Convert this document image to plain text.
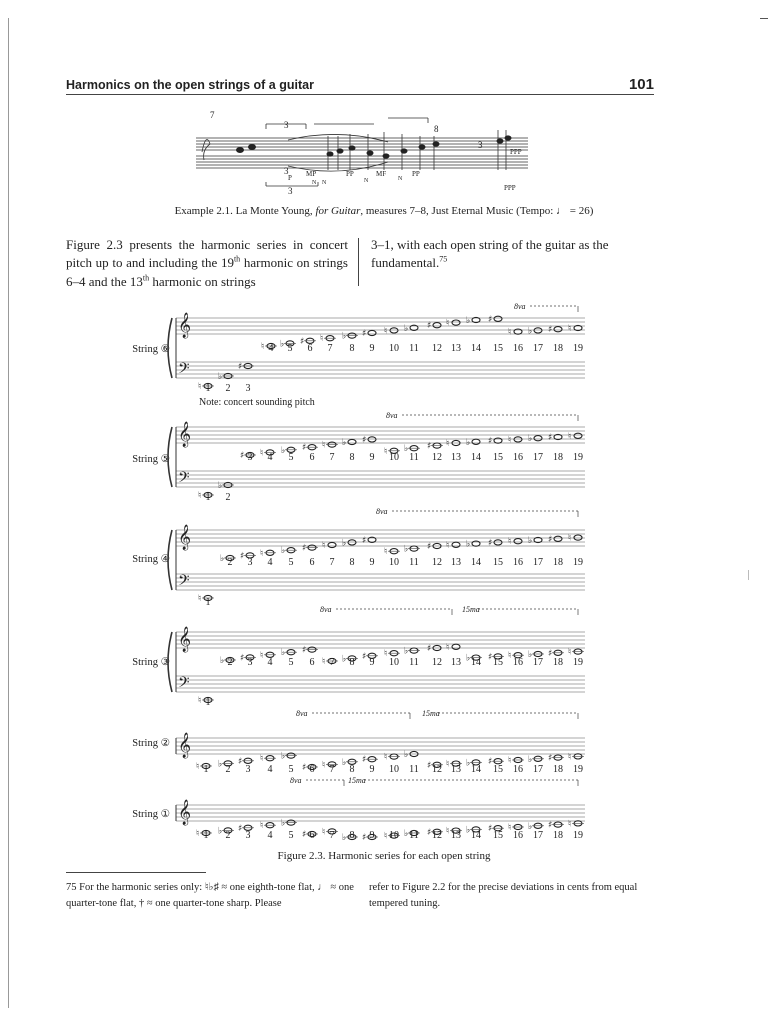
Harmonics on the open strings of a guitar	101
7
3
3
3
3
8
P MP	PP	MF	PP
PPP
PPP
N N	N	N
Example 2.1. La Monte Young, for Guitar, measures 7–8, Just Eternal Music (Tempo: ♩ = 26)
Figure 2.3 presents the harmonic series in concert pitch up to and including the 19th harmonic on strings 6–4 and the 13th harmonic on strings
3–1, with each open string of the guitar as the fundamental.$^{75}$
Note: concert sounding pitch
𝄞
𝄢
♮
♭
♯
♮ ♭ ♯ ♮ ♭ ♯ ♮ ♭ ♯ ♮ ♭ ♯
♮ ♭ ♯ ♮
1 2 3
4 5 6 7 8 9 10 11 12 13 14 15 16 17 18 19
8va
𝄞
𝄢
♮
♭
♯ ♮ ♭ ♯ ♮ ♭ ♯
♮ ♭ ♯ ♮ ♭ ♯ ♮ ♭ ♯ ♮
1 2
3 4 5 6 7 8 9 10 11 12 13 14 15 16 17 18 19
8va
𝄞
𝄢
♮
♭ ♯ ♮ ♭ ♯ ♮ ♭ ♯
♮ ♭ ♯ ♮ ♭ ♯ ♮ ♭ ♯ ♮
1
2 3 4 5 6 7 8 9 10 11 12 13 14 15 16 17 18 19
8va
𝄞
𝄢
♮
♭ ♯ ♮ ♭ ♯
♮ ♭ ♯ ♮ ♭ ♯ ♮
♭ ♯ ♮ ♭ ♯ ♮
1
2 3 4 5 6 7 8 9 10 11 12 13 14 15 16 17 18 19
8va	15ma
𝄞
♮ ♭ ♯ ♮ ♭
♯ ♮ ♭ ♯ ♮ ♭
♯ ♮ ♭ ♯ ♮ ♭ ♯ ♮
1 2 3 4 5 6 7 8 9 10 11 12 13 14 15 16 17 18 19
8va	15ma
𝄞
♮ ♭ ♯ ♮ ♭
♯ ♮
♭ ♯ ♮ ♭ ♯ ♮ ♭ ♯ ♮ ♭ ♯ ♮
1 2 3 4 5 6 7 8 9 10 11 12 13 14 15 16 17 18 19
8va	15ma
String ⑥
String ⑤
String ④
String ③
String ②
String ①
Figure 2.3. Harmonic series for each open string
75 For the harmonic series only: ♮♭♯ ≈ one eighth-tone flat, ♩ ≈ one quarter-tone flat, † ≈ one quarter-tone sharp. Please
refer to Figure 2.2 for the precise deviations in cents from equal tempered tuning.
